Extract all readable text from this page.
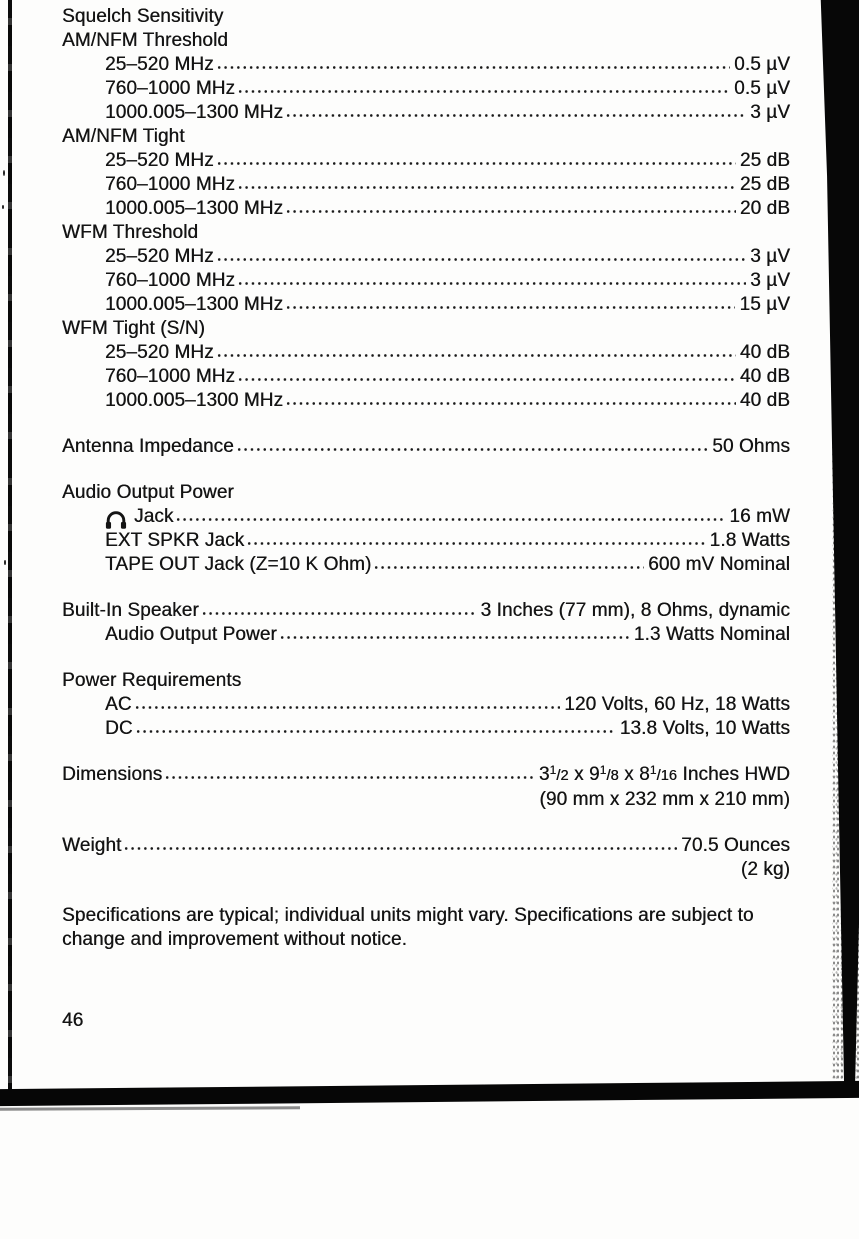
Squelch Sensitivity
AM/NFM Threshold
25–520 MHz	0.5 µV
760–1000 MHz	0.5 µV
1000.005–1300 MHz	3 µV
AM/NFM Tight
25–520 MHz	25 dB
760–1000 MHz	25 dB
1000.005–1300 MHz	20 dB
WFM Threshold
25–520 MHz	3 µV
760–1000 MHz	3 µV
1000.005–1300 MHz	15 µV
WFM Tight (S/N)
25–520 MHz	40 dB
760–1000 MHz	40 dB
1000.005–1300 MHz	40 dB
Antenna Impedance	50 Ohms
Audio Output Power
Jack	16 mW
EXT SPKR Jack	1.8 Watts
TAPE OUT Jack (Z=10 K Ohm)	600 mV Nominal
Built-In Speaker	3 Inches (77 mm), 8 Ohms, dynamic
Audio Output Power	1.3 Watts Nominal
Power Requirements
AC	120 Volts, 60 Hz, 18 Watts
DC	13.8 Volts, 10 Watts
Dimensions	$3^1/2$ x $9^1/8$ x $8^1/16$ Inches HWD
(90 mm x 232 mm x 210 mm)
Weight	70.5 Ounces
(2 kg)
Specifications are typical; individual units might vary. Specifications are subject to
change and improvement without notice.
46
